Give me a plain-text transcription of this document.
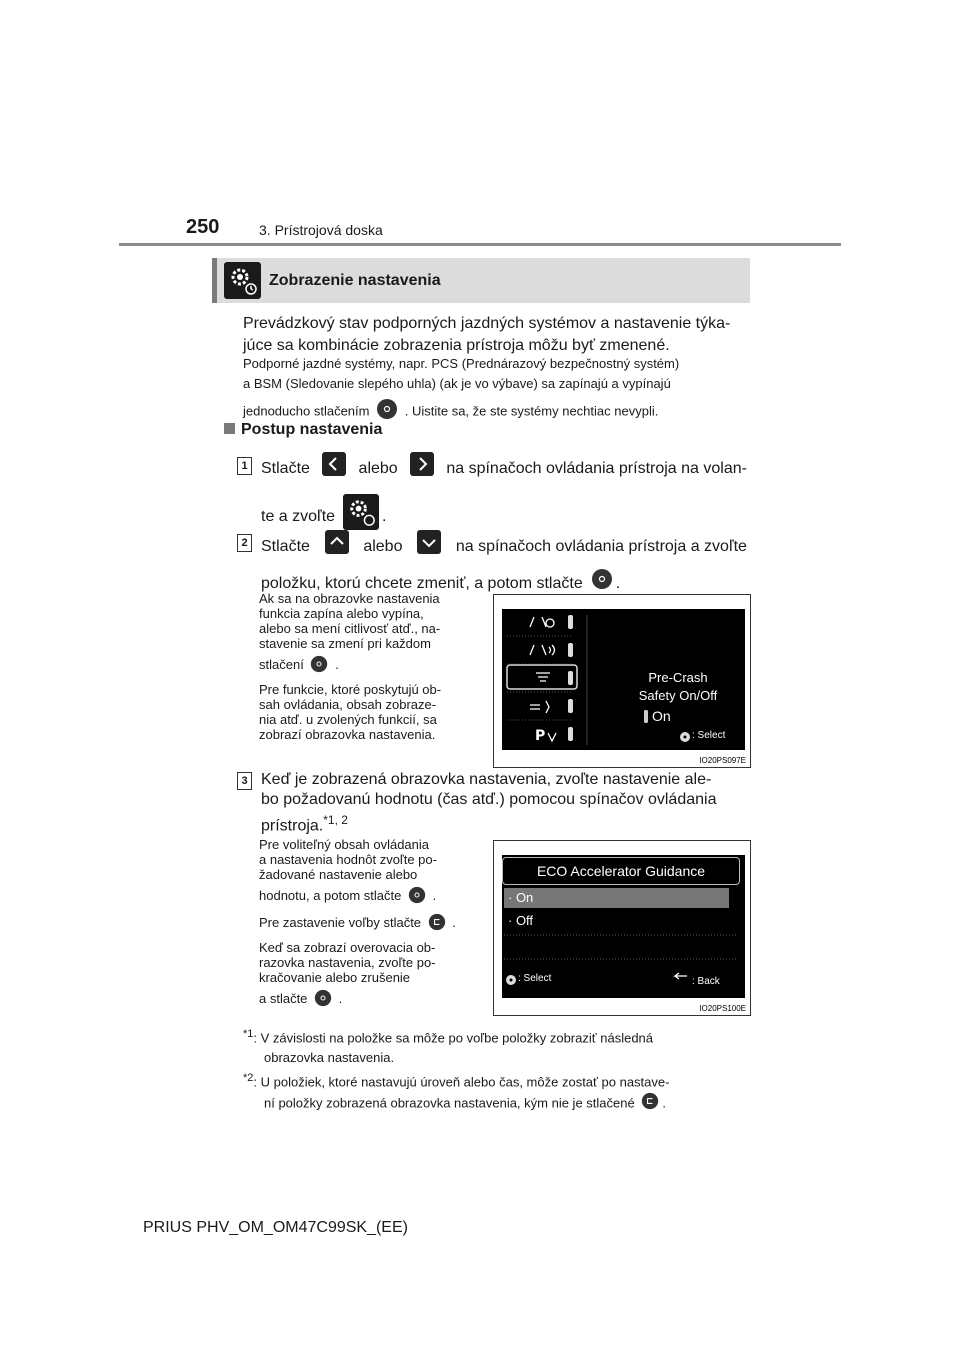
250	3. Prístrojová doska
Zobrazenie nastavenia
Prevádzkový stav podporných jazdných systémov a nastavenie týka-
júce sa kombinácie zobrazenia prístroja môžu byť zmenené.
Podporné jazdné systémy, napr. PCS (Prednárazový bezpečnostný systém)
a BSM (Sledovanie slepého uhla) (ak je vo výbave) sa zapínajú a vypínajú
jednoducho stlačením	. Uistite sa, že ste systémy nechtiac nevypli.
Postup nastavenia
1 Stlačte	alebo	na spínačoch ovládania prístroja na volan-
te a zvoľte	.
2 Stlačte	alebo	na spínačoch ovládania prístroja a zvoľte
položku, ktorú chcete zmeniť, a potom stlačte .
Ak sa na obrazovke nastavenia
funkcia zapína alebo vypína,
alebo sa mení citlivosť atď., na-
stavenie sa zmení pri každom
stlačení .
Pre funkcie, ktoré poskytujú ob-
sah ovládania, obsah zobraze-
nia atď. u zvolených funkcií, sa
zobrazí obrazovka nastavenia.	P
Pre-Crash
Safety On/Off
On
: Select
IO20PS097E
3 Keď je zobrazená obrazovka nastavenia, zvoľte nastavenie ale-
bo požadovanú hodnotu (čas atď.) pomocou spínačov ovládania
prístroja.$^{*1, 2}$
Pre voliteľný obsah ovládania
a nastavenia hodnôt zvoľte po-
žadované nastavenie alebo
hodnotu, a potom stlačte .
Pre zastavenie voľby stlačte .
Keď sa zobrazí overovacia ob-
razovka nastavenia, zvoľte po-
kračovanie alebo zrušenie
a stlačte .
ECO Accelerator Guidance
· On
· Off
: Select	: Back
IO20PS100E
$^{*1}$: V závislosti na položke sa môže po voľbe položky zobraziť následná
obrazovka nastavenia.
$^{*2}$: U položiek, ktoré nastavujú úroveň alebo čas, môže zostať po nastave-
ní položky zobrazená obrazovka nastavenia, kým nie je stlačené .
PRIUS PHV_OM_OM47C99SK_(EE)
